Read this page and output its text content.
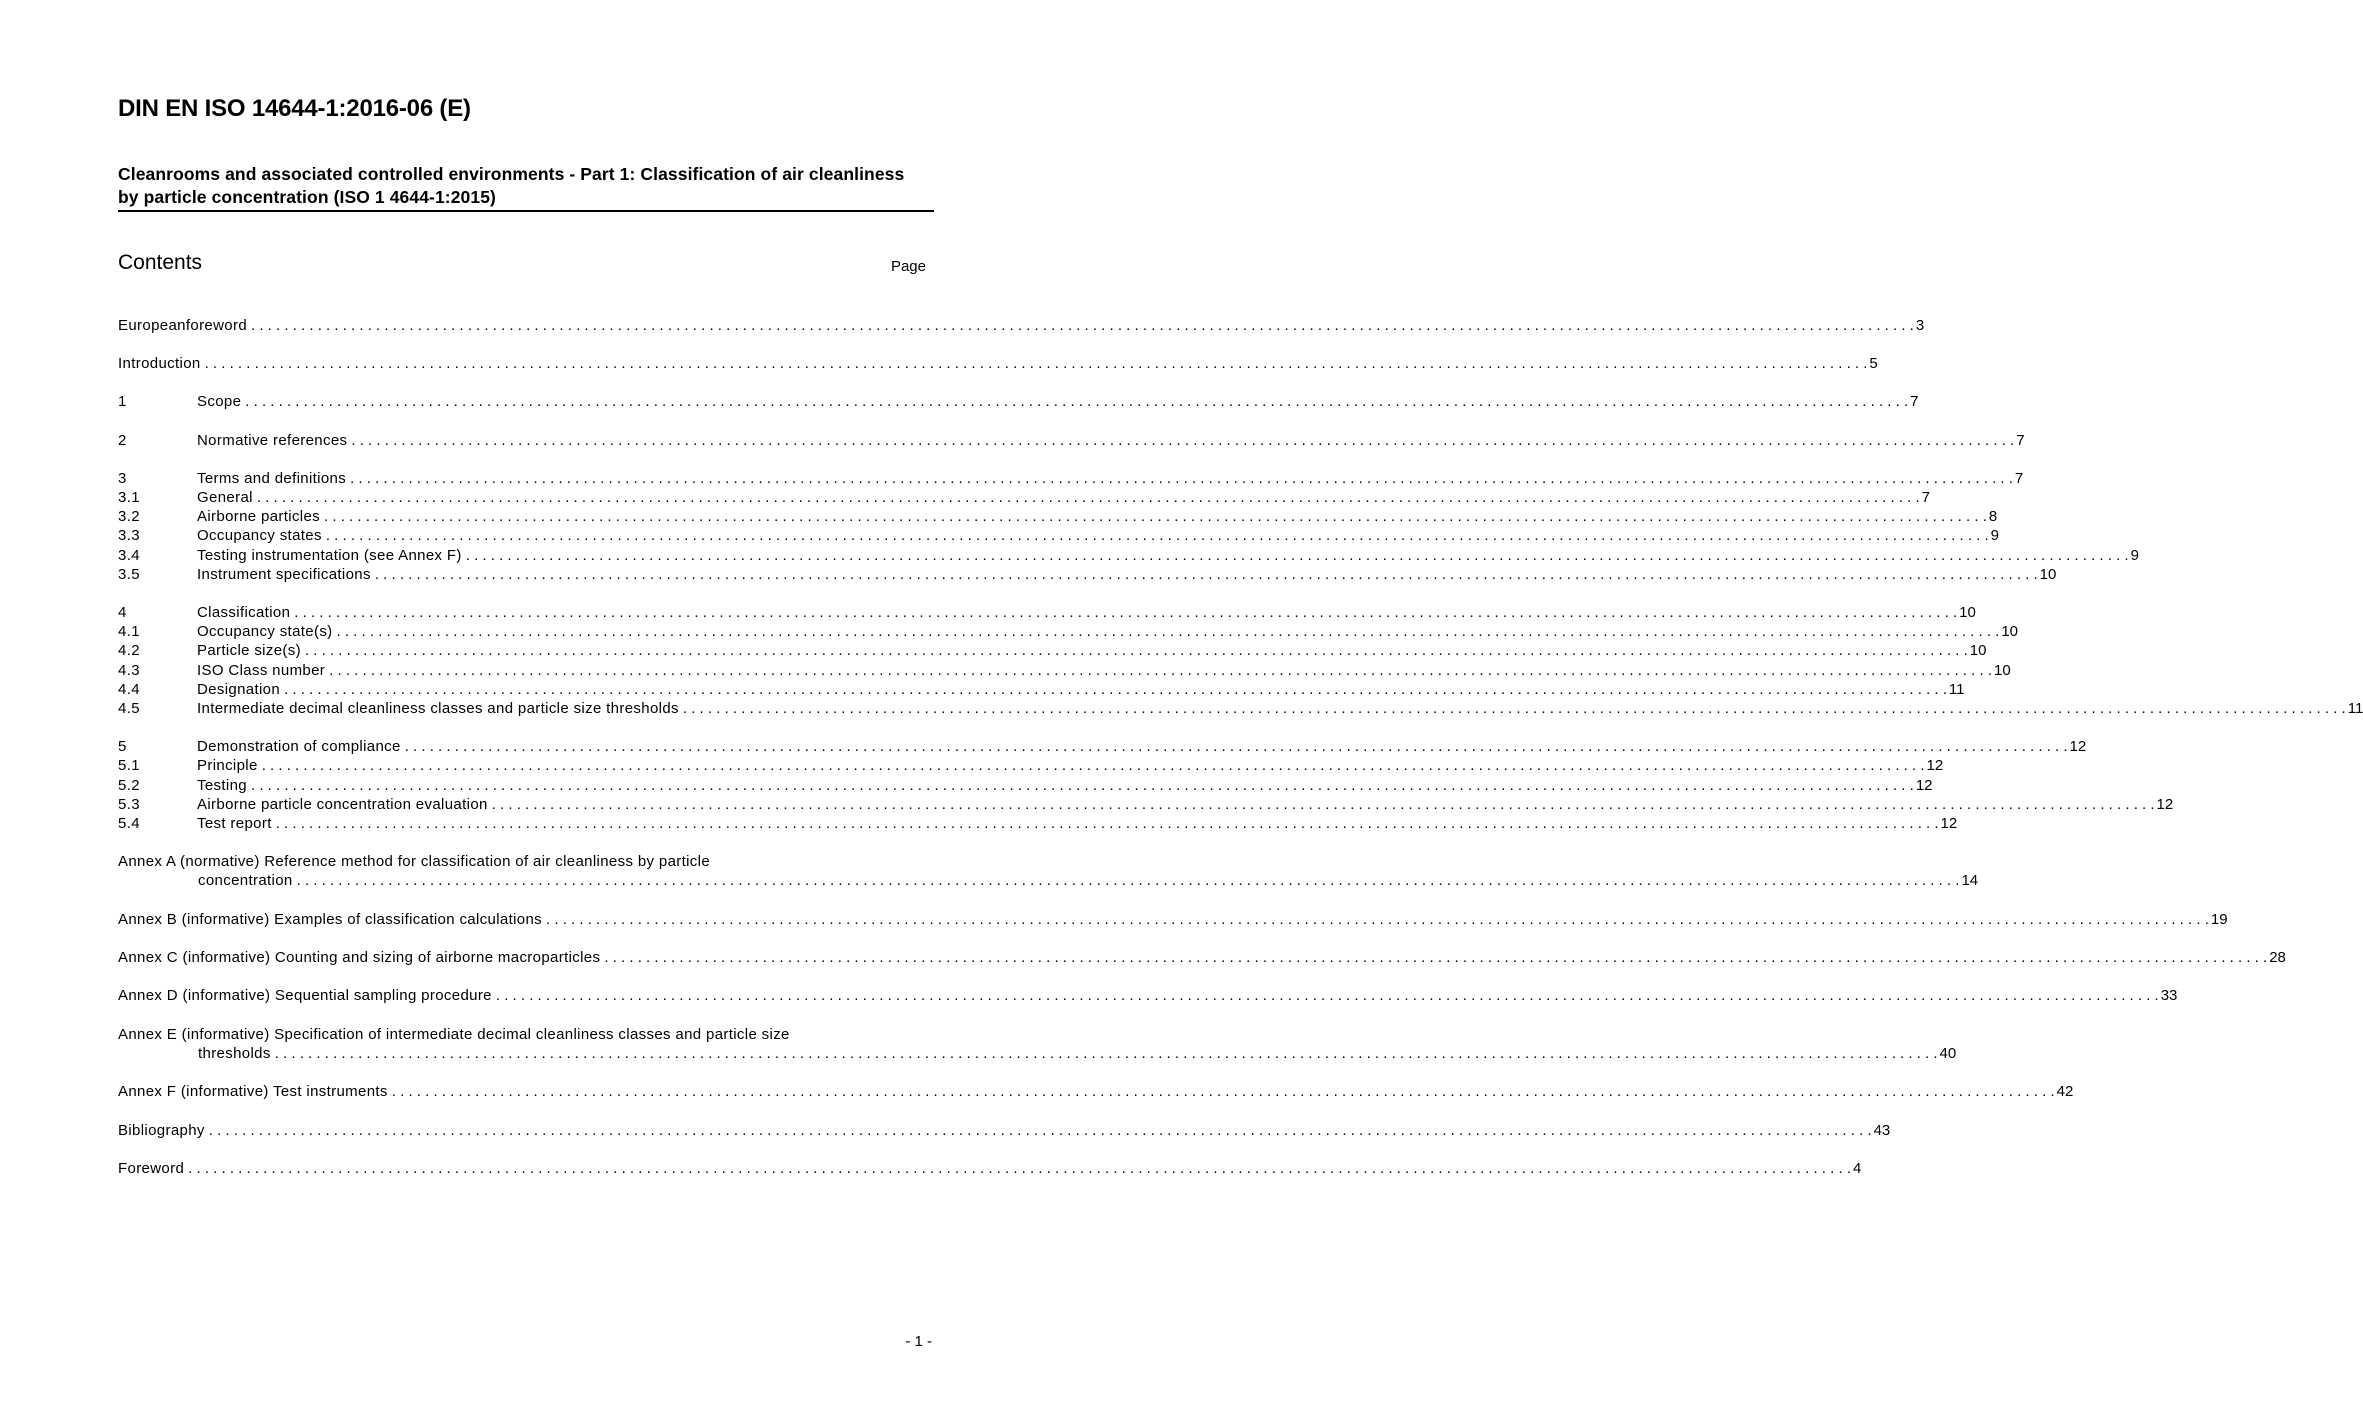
DIN EN ISO 14644-1:2016-06 (E)
Cleanrooms and associated controlled environments - Part 1: Classification of air cleanliness by particle concentration (ISO 1 4644-1:2015)
Contents	Page
Europeanforeword . . . . . . . . . . . . . . . . . . . . . . . . . . . . . . . . . . . . . . . . . . . . . . . . . . . . . . . . . . . . . . . . . . . . . . . . . . . . . . . . . . . . . . . . . . . . . . . . . . . . . . . . . . . . . . . . . . . . . . . . . . . . . . . . . . . . . . . . . . . . . . . . . . . . . . . . . . . . . . . . . . . . . . . . . . . . . . . . . . . . . . . . . . . . . . . . . . . . . . . . 3
Introduction . . . . . . . . . . . . . . . . . . . . . . . . . . . . . . . . . . . . . . . . . . . . . . . . . . . . . . . . . . . . . . . . . . . . . . . . . . . . . . . . . . . . . . . . . . . . . . . . . . . . . . . . . . . . . . . . . . . . . . . . . . . . . . . . . . . . . . . . . . . . . . . . . . . . . . . . . . . . . . . . . . . . . . . . . . . . . . . . . . . . . . . . . . . . . . . . . . . . . . . . 5
1	Scope . . . . . . . . . . . . . . . . . . . . . . . . . . . . . . . . . . . . . . . . . . . . . . . . . . . . . . . . . . . . . . . . . . . . . . . . . . . . . . . . . . . . . . . . . . . . . . . . . . . . . . . . . . . . . . . . . . . . . . . . . . . . . . . . . . . . . . . . . . . . . . . . . . . . . . . . . . . . . . . . . . . . . . . . . . . . . . . . . . . . . . . . . . . . . . . . . . . . . . . . 7
2	Normative references . . . . . . . . . . . . . . . . . . . . . . . . . . . . . . . . . . . . . . . . . . . . . . . . . . . . . . . . . . . . . . . . . . . . . . . . . . . . . . . . . . . . . . . . . . . . . . . . . . . . . . . . . . . . . . . . . . . . . . . . . . . . . . . . . . . . . . . . . . . . . . . . . . . . . . . . . . . . . . . . . . . . . . . . . . . . . . . . . . . . . . . . . . . . . . . . . . . . . . . . 7
3	Terms and definitions . . . . . . . . . . . . . . . . . . . . . . . . . . . . . . . . . . . . . . . . . . . . . . . . . . . . . . . . . . . . . . . . . . . . . . . . . . . . . . . . . . . . . . . . . . . . . . . . . . . . . . . . . . . . . . . . . . . . . . . . . . . . . . . . . . . . . . . . . . . . . . . . . . . . . . . . . . . . . . . . . . . . . . . . . . . . . . . . . . . . . . . . . . . . . . . . . . . . . . . . 7
3.1	General . . . . . . . . . . . . . . . . . . . . . . . . . . . . . . . . . . . . . . . . . . . . . . . . . . . . . . . . . . . . . . . . . . . . . . . . . . . . . . . . . . . . . . . . . . . . . . . . . . . . . . . . . . . . . . . . . . . . . . . . . . . . . . . . . . . . . . . . . . . . . . . . . . . . . . . . . . . . . . . . . . . . . . . . . . . . . . . . . . . . . . . . . . . . . . . . . . . . . . . . 7
3.2	Airborne particles . . . . . . . . . . . . . . . . . . . . . . . . . . . . . . . . . . . . . . . . . . . . . . . . . . . . . . . . . . . . . . . . . . . . . . . . . . . . . . . . . . . . . . . . . . . . . . . . . . . . . . . . . . . . . . . . . . . . . . . . . . . . . . . . . . . . . . . . . . . . . . . . . . . . . . . . . . . . . . . . . . . . . . . . . . . . . . . . . . . . . . . . . . . . . . . . . . . . . . . . 8
3.3	Occupancy states . . . . . . . . . . . . . . . . . . . . . . . . . . . . . . . . . . . . . . . . . . . . . . . . . . . . . . . . . . . . . . . . . . . . . . . . . . . . . . . . . . . . . . . . . . . . . . . . . . . . . . . . . . . . . . . . . . . . . . . . . . . . . . . . . . . . . . . . . . . . . . . . . . . . . . . . . . . . . . . . . . . . . . . . . . . . . . . . . . . . . . . . . . . . . . . . . . . . . . . . 9
3.4	Testing instrumentation (see Annex F) . . . . . . . . . . . . . . . . . . . . . . . . . . . . . . . . . . . . . . . . . . . . . . . . . . . . . . . . . . . . . . . . . . . . . . . . . . . . . . . . . . . . . . . . . . . . . . . . . . . . . . . . . . . . . . . . . . . . . . . . . . . . . . . . . . . . . . . . . . . . . . . . . . . . . . . . . . . . . . . . . . . . . . . . . . . . . . . . . . . . . . . . . . . . . . . . . . . . . . . . 9
3.5	Instrument specifications . . . . . . . . . . . . . . . . . . . . . . . . . . . . . . . . . . . . . . . . . . . . . . . . . . . . . . . . . . . . . . . . . . . . . . . . . . . . . . . . . . . . . . . . . . . . . . . . . . . . . . . . . . . . . . . . . . . . . . . . . . . . . . . . . . . . . . . . . . . . . . . . . . . . . . . . . . . . . . . . . . . . . . . . . . . . . . . . . . . . . . . . . . . . . . . . . . . . . . . . 10
4	Classification . . . . . . . . . . . . . . . . . . . . . . . . . . . . . . . . . . . . . . . . . . . . . . . . . . . . . . . . . . . . . . . . . . . . . . . . . . . . . . . . . . . . . . . . . . . . . . . . . . . . . . . . . . . . . . . . . . . . . . . . . . . . . . . . . . . . . . . . . . . . . . . . . . . . . . . . . . . . . . . . . . . . . . . . . . . . . . . . . . . . . . . . . . . . . . . . . . . . . . . . 10
4.1	Occupancy state(s) . . . . . . . . . . . . . . . . . . . . . . . . . . . . . . . . . . . . . . . . . . . . . . . . . . . . . . . . . . . . . . . . . . . . . . . . . . . . . . . . . . . . . . . . . . . . . . . . . . . . . . . . . . . . . . . . . . . . . . . . . . . . . . . . . . . . . . . . . . . . . . . . . . . . . . . . . . . . . . . . . . . . . . . . . . . . . . . . . . . . . . . . . . . . . . . . . . . . . . . . 10
4.2	Particle size(s) . . . . . . . . . . . . . . . . . . . . . . . . . . . . . . . . . . . . . . . . . . . . . . . . . . . . . . . . . . . . . . . . . . . . . . . . . . . . . . . . . . . . . . . . . . . . . . . . . . . . . . . . . . . . . . . . . . . . . . . . . . . . . . . . . . . . . . . . . . . . . . . . . . . . . . . . . . . . . . . . . . . . . . . . . . . . . . . . . . . . . . . . . . . . . . . . . . . . . . . . 10
4.3	ISO Class number . . . . . . . . . . . . . . . . . . . . . . . . . . . . . . . . . . . . . . . . . . . . . . . . . . . . . . . . . . . . . . . . . . . . . . . . . . . . . . . . . . . . . . . . . . . . . . . . . . . . . . . . . . . . . . . . . . . . . . . . . . . . . . . . . . . . . . . . . . . . . . . . . . . . . . . . . . . . . . . . . . . . . . . . . . . . . . . . . . . . . . . . . . . . . . . . . . . . . . . . 10
4.4	Designation . . . . . . . . . . . . . . . . . . . . . . . . . . . . . . . . . . . . . . . . . . . . . . . . . . . . . . . . . . . . . . . . . . . . . . . . . . . . . . . . . . . . . . . . . . . . . . . . . . . . . . . . . . . . . . . . . . . . . . . . . . . . . . . . . . . . . . . . . . . . . . . . . . . . . . . . . . . . . . . . . . . . . . . . . . . . . . . . . . . . . . . . . . . . . . . . . . . . . . . . 11
4.5	Intermediate decimal cleanliness classes and particle size thresholds . . . . . . . . . . . . . . . . . . . . . . . . . . . . . . . . . . . . . . . . . . . . . . . . . . . . . . . . . . . . . . . . . . . . . . . . . . . . . . . . . . . . . . . . . . . . . . . . . . . . . . . . . . . . . . . . . . . . . . . . . . . . . . . . . . . . . . . . . . . . . . . . . . . . . . . . . . . . . . . . . . . . . . . . . . . . . . . . . . . . . . . . . . . . . . . . . . . . . . . . 11
5	Demonstration of compliance . . . . . . . . . . . . . . . . . . . . . . . . . . . . . . . . . . . . . . . . . . . . . . . . . . . . . . . . . . . . . . . . . . . . . . . . . . . . . . . . . . . . . . . . . . . . . . . . . . . . . . . . . . . . . . . . . . . . . . . . . . . . . . . . . . . . . . . . . . . . . . . . . . . . . . . . . . . . . . . . . . . . . . . . . . . . . . . . . . . . . . . . . . . . . . . . . . . . . . . . 12
5.1	Principle . . . . . . . . . . . . . . . . . . . . . . . . . . . . . . . . . . . . . . . . . . . . . . . . . . . . . . . . . . . . . . . . . . . . . . . . . . . . . . . . . . . . . . . . . . . . . . . . . . . . . . . . . . . . . . . . . . . . . . . . . . . . . . . . . . . . . . . . . . . . . . . . . . . . . . . . . . . . . . . . . . . . . . . . . . . . . . . . . . . . . . . . . . . . . . . . . . . . . . . . 12
5.2	Testing . . . . . . . . . . . . . . . . . . . . . . . . . . . . . . . . . . . . . . . . . . . . . . . . . . . . . . . . . . . . . . . . . . . . . . . . . . . . . . . . . . . . . . . . . . . . . . . . . . . . . . . . . . . . . . . . . . . . . . . . . . . . . . . . . . . . . . . . . . . . . . . . . . . . . . . . . . . . . . . . . . . . . . . . . . . . . . . . . . . . . . . . . . . . . . . . . . . . . . . . 12
5.3	Airborne particle concentration evaluation . . . . . . . . . . . . . . . . . . . . . . . . . . . . . . . . . . . . . . . . . . . . . . . . . . . . . . . . . . . . . . . . . . . . . . . . . . . . . . . . . . . . . . . . . . . . . . . . . . . . . . . . . . . . . . . . . . . . . . . . . . . . . . . . . . . . . . . . . . . . . . . . . . . . . . . . . . . . . . . . . . . . . . . . . . . . . . . . . . . . . . . . . . . . . . . . . . . . . . . . 12
5.4	Test report . . . . . . . . . . . . . . . . . . . . . . . . . . . . . . . . . . . . . . . . . . . . . . . . . . . . . . . . . . . . . . . . . . . . . . . . . . . . . . . . . . . . . . . . . . . . . . . . . . . . . . . . . . . . . . . . . . . . . . . . . . . . . . . . . . . . . . . . . . . . . . . . . . . . . . . . . . . . . . . . . . . . . . . . . . . . . . . . . . . . . . . . . . . . . . . . . . . . . . . . 12
Annex A (normative) Reference method for classification of air cleanliness by particle
concentration . . . . . . . . . . . . . . . . . . . . . . . . . . . . . . . . . . . . . . . . . . . . . . . . . . . . . . . . . . . . . . . . . . . . . . . . . . . . . . . . . . . . . . . . . . . . . . . . . . . . . . . . . . . . . . . . . . . . . . . . . . . . . . . . . . . . . . . . . . . . . . . . . . . . . . . . . . . . . . . . . . . . . . . . . . . . . . . . . . . . . . . . . . . . . . . . . . . . . . . . 14
Annex B (informative) Examples of classification calculations . . . . . . . . . . . . . . . . . . . . . . . . . . . . . . . . . . . . . . . . . . . . . . . . . . . . . . . . . . . . . . . . . . . . . . . . . . . . . . . . . . . . . . . . . . . . . . . . . . . . . . . . . . . . . . . . . . . . . . . . . . . . . . . . . . . . . . . . . . . . . . . . . . . . . . . . . . . . . . . . . . . . . . . . . . . . . . . . . . . . . . . . . . . . . . . . . . . . . . . . 19
Annex C (informative) Counting and sizing of airborne macroparticles . . . . . . . . . . . . . . . . . . . . . . . . . . . . . . . . . . . . . . . . . . . . . . . . . . . . . . . . . . . . . . . . . . . . . . . . . . . . . . . . . . . . . . . . . . . . . . . . . . . . . . . . . . . . . . . . . . . . . . . . . . . . . . . . . . . . . . . . . . . . . . . . . . . . . . . . . . . . . . . . . . . . . . . . . . . . . . . . . . . . . . . . . . . . . . . . . . . . . . . . 28
Annex D (informative) Sequential sampling procedure . . . . . . . . . . . . . . . . . . . . . . . . . . . . . . . . . . . . . . . . . . . . . . . . . . . . . . . . . . . . . . . . . . . . . . . . . . . . . . . . . . . . . . . . . . . . . . . . . . . . . . . . . . . . . . . . . . . . . . . . . . . . . . . . . . . . . . . . . . . . . . . . . . . . . . . . . . . . . . . . . . . . . . . . . . . . . . . . . . . . . . . . . . . . . . . . . . . . . . . . 33
Annex E (informative) Specification of intermediate decimal cleanliness classes and particle size
thresholds . . . . . . . . . . . . . . . . . . . . . . . . . . . . . . . . . . . . . . . . . . . . . . . . . . . . . . . . . . . . . . . . . . . . . . . . . . . . . . . . . . . . . . . . . . . . . . . . . . . . . . . . . . . . . . . . . . . . . . . . . . . . . . . . . . . . . . . . . . . . . . . . . . . . . . . . . . . . . . . . . . . . . . . . . . . . . . . . . . . . . . . . . . . . . . . . . . . . . . . . 40
Annex F (informative) Test instruments . . . . . . . . . . . . . . . . . . . . . . . . . . . . . . . . . . . . . . . . . . . . . . . . . . . . . . . . . . . . . . . . . . . . . . . . . . . . . . . . . . . . . . . . . . . . . . . . . . . . . . . . . . . . . . . . . . . . . . . . . . . . . . . . . . . . . . . . . . . . . . . . . . . . . . . . . . . . . . . . . . . . . . . . . . . . . . . . . . . . . . . . . . . . . . . . . . . . . . . . 42
Bibliography . . . . . . . . . . . . . . . . . . . . . . . . . . . . . . . . . . . . . . . . . . . . . . . . . . . . . . . . . . . . . . . . . . . . . . . . . . . . . . . . . . . . . . . . . . . . . . . . . . . . . . . . . . . . . . . . . . . . . . . . . . . . . . . . . . . . . . . . . . . . . . . . . . . . . . . . . . . . . . . . . . . . . . . . . . . . . . . . . . . . . . . . . . . . . . . . . . . . . . . . 43
Foreword . . . . . . . . . . . . . . . . . . . . . . . . . . . . . . . . . . . . . . . . . . . . . . . . . . . . . . . . . . . . . . . . . . . . . . . . . . . . . . . . . . . . . . . . . . . . . . . . . . . . . . . . . . . . . . . . . . . . . . . . . . . . . . . . . . . . . . . . . . . . . . . . . . . . . . . . . . . . . . . . . . . . . . . . . . . . . . . . . . . . . . . . . . . . . . . . . . . . . . . . 4
- 1 -
